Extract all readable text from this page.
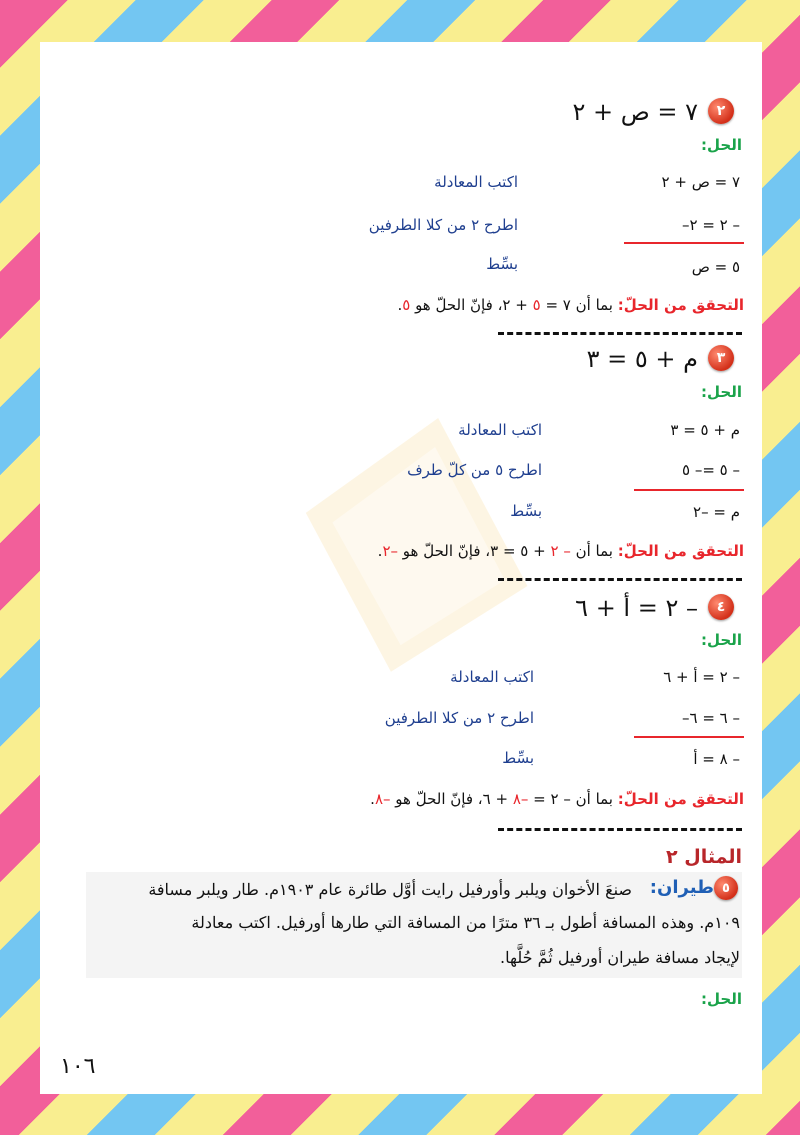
٢
٧ = ص + ٢
الحل:
٧ = ص + ٢
اكتب المعادلة
– ٢ = ٢–
اطرح ٢ من كلا الطرفين
٥ = ص
بسِّط
التحقق من الحلّ: بما أن ٧ = ٥ + ٢، فإنّ الحلّ هو ٥.
٣
م + ٥ = ٣
الحل:
م + ٥ = ٣
اكتب المعادلة
– ٥ =– ٥
اطرح ٥ من كلّ طرف
م = –٢
بسِّط
التحقق من الحلّ: بما أن – ٢ + ٥ = ٣، فإنّ الحلّ هو –٢.
٤
– ٢ = أ + ٦
الحل:
– ٢ = أ + ٦
اكتب المعادلة
– ٦ = ٦–
اطرح ٢ من كلا الطرفين
– ٨ = أ
بسِّط
التحقق من الحلّ: بما أن – ٢ = –٨ + ٦، فإنّ الحلّ هو –٨.
المثال ٢
٥
طيران:
صنعَ الأخوان ويلبر وأورفيل رايت أوَّل طائرة عام ١٩٠٣م. طار ويلبر مسافة
١٠٩م. وهذه المسافة أطول بـ ٣٦ مترًا من المسافة التي طارها أورفيل. اكتب معادلة
لإيجاد مسافة طيران أورفيل ثُمَّ حُلَّها.
الحل:
١٠٦
